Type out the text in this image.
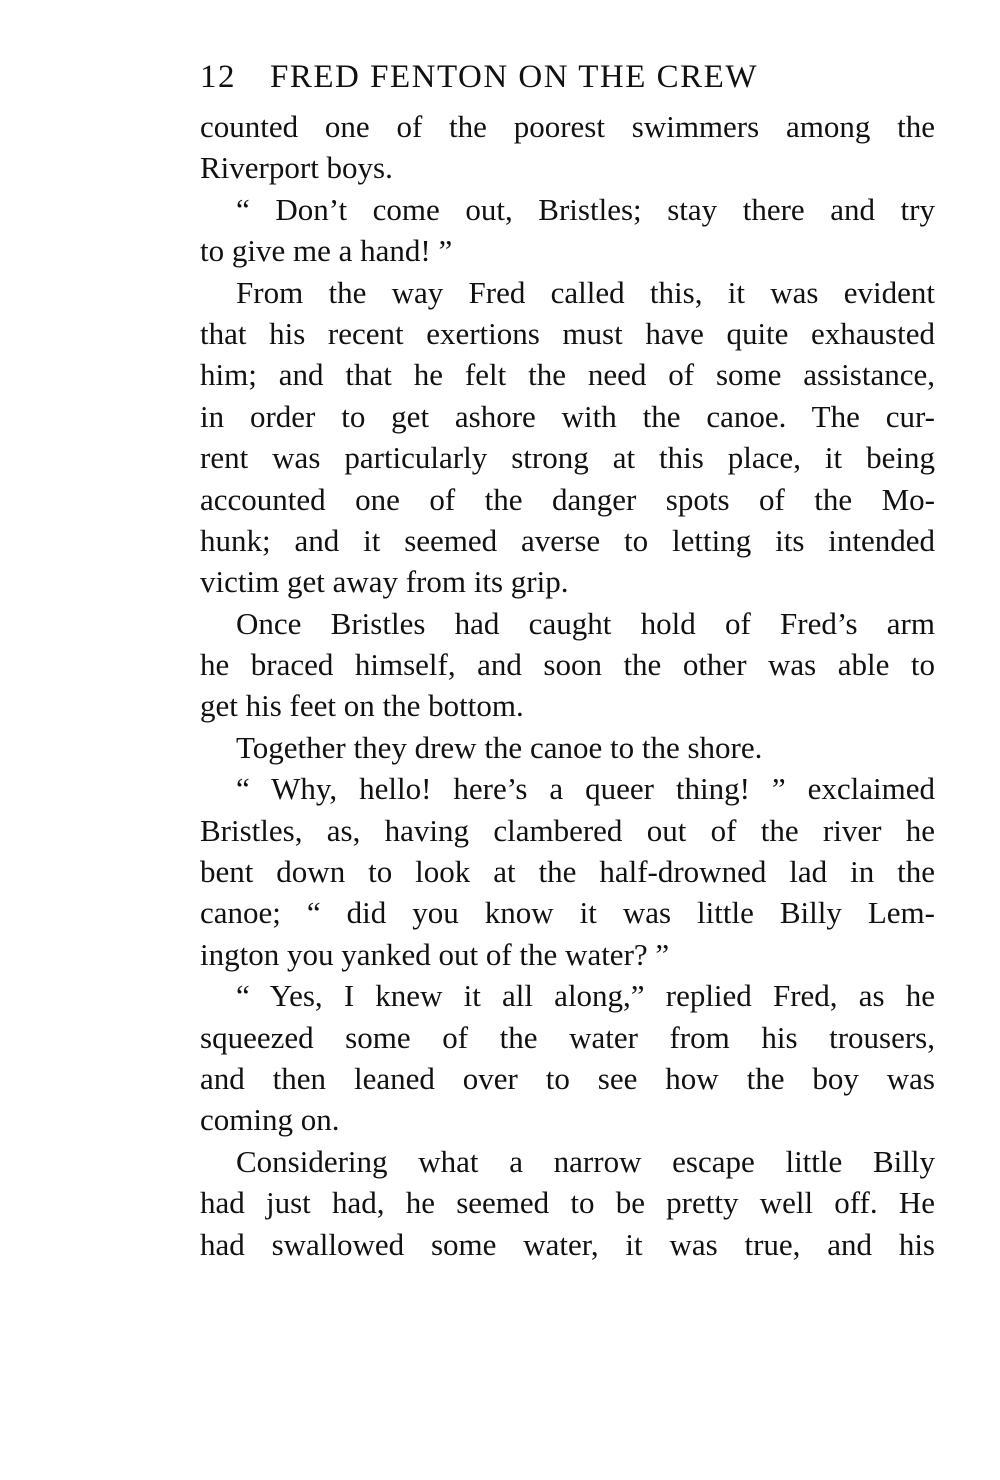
12 FRED FENTON ON THE CREW
counted one of the poorest swimmers among the
Riverport boys.
“ Don’t come out, Bristles; stay there and try
to give me a hand! ”
From the way Fred called this, it was evident
that his recent exertions must have quite exhausted
him; and that he felt the need of some assistance,
in order to get ashore with the canoe. The cur-
rent was particularly strong at this place, it being
accounted one of the danger spots of the Mo-
hunk; and it seemed averse to letting its intended
victim get away from its grip.
Once Bristles had caught hold of Fred’s arm
he braced himself, and soon the other was able to
get his feet on the bottom.
Together they drew the canoe to the shore.
“ Why, hello! here’s a queer thing! ” exclaimed
Bristles, as, having clambered out of the river he
bent down to look at the half-drowned lad in the
canoe; “ did you know it was little Billy Lem-
ington you yanked out of the water? ”
“ Yes, I knew it all along,” replied Fred, as he
squeezed some of the water from his trousers,
and then leaned over to see how the boy was
coming on.
Considering what a narrow escape little Billy
had just had, he seemed to be pretty well off. He
had swallowed some water, it was true, and his
